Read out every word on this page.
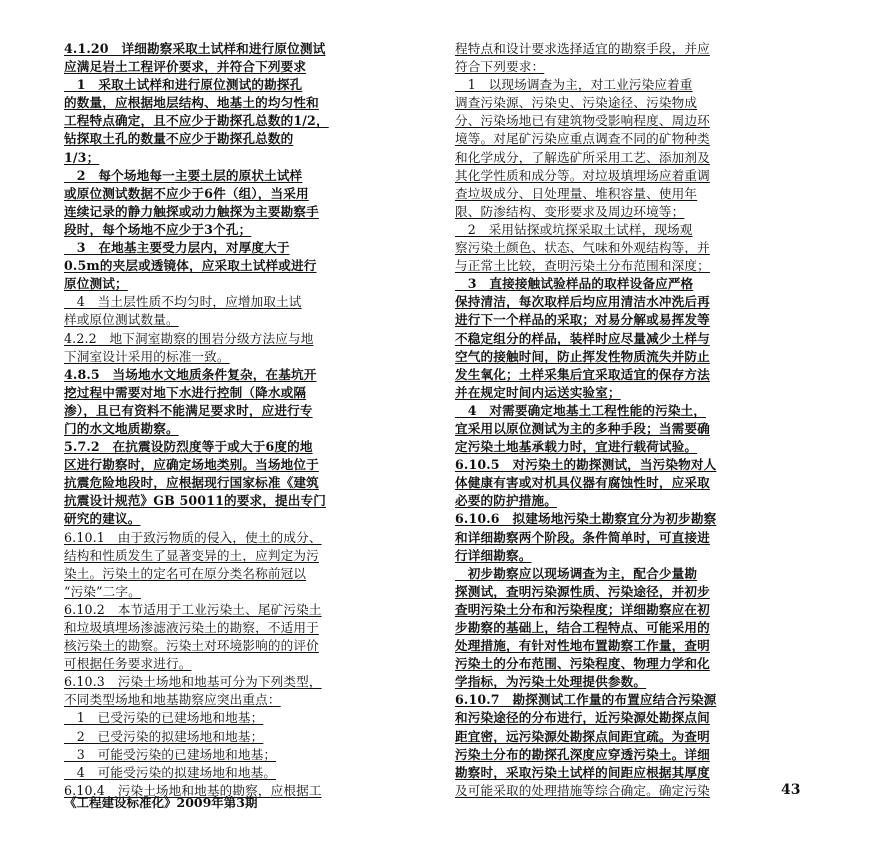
4.1.20　详细勘察采取土试样和进行原位测试
应满足岩土工程评价要求，并符合下列要求
　1　采取土试样和进行原位测试的勘探孔
的数量，应根据地层结构、地基土的均匀性和
工程特点确定，且不应少于勘探孔总数的1/2，
钻探取土孔的数量不应少于勘探孔总数的
1/3；
　2　每个场地每一主要土层的原状土试样
或原位测试数据不应少于6件（组），当采用
连续记录的静力触探或动力触探为主要勘察手
段时，每个场地不应少于3个孔；
　3　在地基主要受力层内，对厚度大于
0.5m的夹层或透镜体，应采取土试样或进行
原位测试；
　4　当土层性质不均匀时，应增加取土试
样或原位测试数量。
4.2.2　地下洞室勘察的围岩分级方法应与地
下洞室设计采用的标准一致。
4.8.5　当场地水文地质条件复杂，在基坑开
挖过程中需要对地下水进行控制（降水或隔
渗），且已有资料不能满足要求时，应进行专
门的水文地质勘察。
5.7.2　在抗震设防烈度等于或大于6度的地
区进行勘察时，应确定场地类别。当场地位于
抗震危险地段时，应根据现行国家标准《建筑
抗震设计规范》GB 50011的要求，提出专门
研究的建议。
6.10.1　由于致污物质的侵入，使土的成分、
结构和性质发生了显著变异的土，应判定为污
染土。污染土的定名可在原分类名称前冠以
“污染”二字。
6.10.2　本节适用于工业污染土、尾矿污染土
和垃圾填埋场渗滤液污染土的勘察，不适用于
核污染土的勘察。污染土对环境影响的的评价
可根据任务要求进行。
6.10.3　污染土场地和地基可分为下列类型，
不同类型场地和地基勘察应突出重点：
　1　已受污染的已建场地和地基；
　2　已受污染的拟建场地和地基；
　3　可能受污染的已建场地和地基；
　4　可能受污染的拟建场地和地基。
6.10.4　污染土场地和地基的勘察，应根据工
程特点和设计要求选择适宜的勘察手段，并应
符合下列要求：
　1　以现场调查为主，对工业污染应着重
调查污染源、污染史、污染途径、污染物成
分、污染场地已有建筑物受影响程度、周边环
境等。对尾矿污染应重点调查不同的矿物种类
和化学成分，了解选矿所采用工艺、添加剂及
其化学性质和成分等。对垃圾填埋场应着重调
查垃圾成分、日处理量、堆积容量、使用年
限、防渗结构、变形要求及周边环境等；
　2　采用钻探或坑探采取土试样，现场观
察污染土颜色、状态、气味和外观结构等，并
与正常土比较，查明污染土分布范围和深度；
　3　直接接触试验样品的取样设备应严格
保持清洁，每次取样后均应用清洁水冲洗后再
进行下一个样品的采取；对易分解或易挥发等
不稳定组分的样品，装样时应尽量减少土样与
空气的接触时间，防止挥发性物质流失并防止
发生氧化；土样采集后宜采取适宜的保存方法
并在规定时间内运送实验室；
　4　对需要确定地基土工程性能的污染土，
宜采用以原位测试为主的多种手段；当需要确
定污染土地基承载力时，宜进行载荷试验。
6.10.5　对污染土的勘探测试，当污染物对人
体健康有害或对机具仪器有腐蚀性时，应采取
必要的防护措施。
6.10.6　拟建场地污染土勘察宜分为初步勘察
和详细勘察两个阶段。条件简单时，可直接进
行详细勘察。
　初步勘察应以现场调查为主，配合少量勘
探测试，查明污染源性质、污染途径，并初步
查明污染土分布和污染程度；详细勘察应在初
步勘察的基础上，结合工程特点、可能采用的
处理措施，有针对性地布置勘察工作量，查明
污染土的分布范围、污染程度、物理力学和化
学指标，为污染土处理提供参数。
6.10.7　勘探测试工作量的布置应结合污染源
和污染途径的分布进行，近污染源处勘探点间
距宜密，远污染源处勘探点间距宜疏。为查明
污染土分布的勘探孔深度应穿透污染土。详细
勘察时，采取污染土试样的间距应根据其厚度
及可能采取的处理措施等综合确定。确定污染
《工程建设标准化》2009年第3期
43
